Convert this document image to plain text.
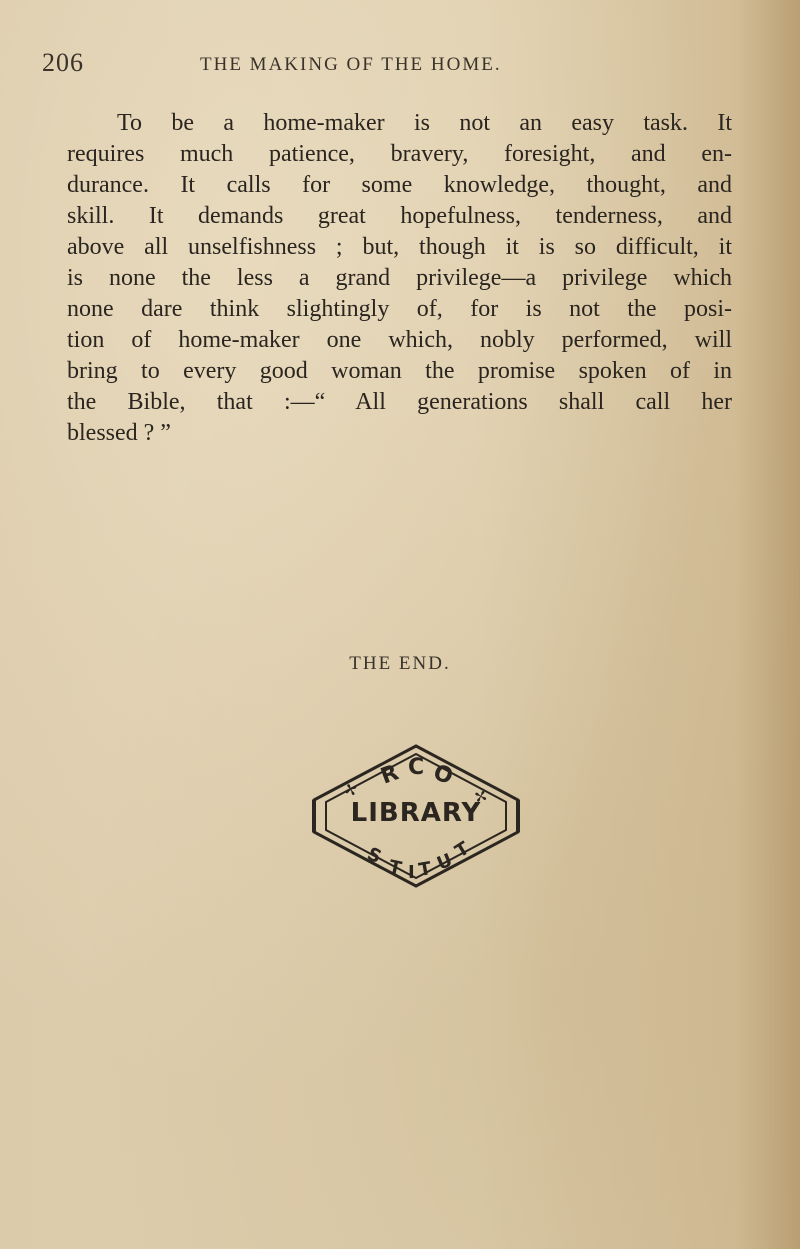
206	THE MAKING OF THE HOME.
To be a home-maker is not an easy task. It
requires much patience, bravery, foresight, and en-
durance. It calls for some knowledge, thought, and
skill. It demands great hopefulness, tenderness, and
above all unselfishness ; but, though it is so difficult, it
is none the less a grand privilege—a privilege which
none dare think slightingly of, for is not the posi-
tion of home-maker one which, nobly performed, will
bring to every good woman the promise spoken of in
the Bible, that :—“ All generations shall call her
blessed ? ”
THE END.
R C O
✢	✢
S T I T U
T
LIBRARY
